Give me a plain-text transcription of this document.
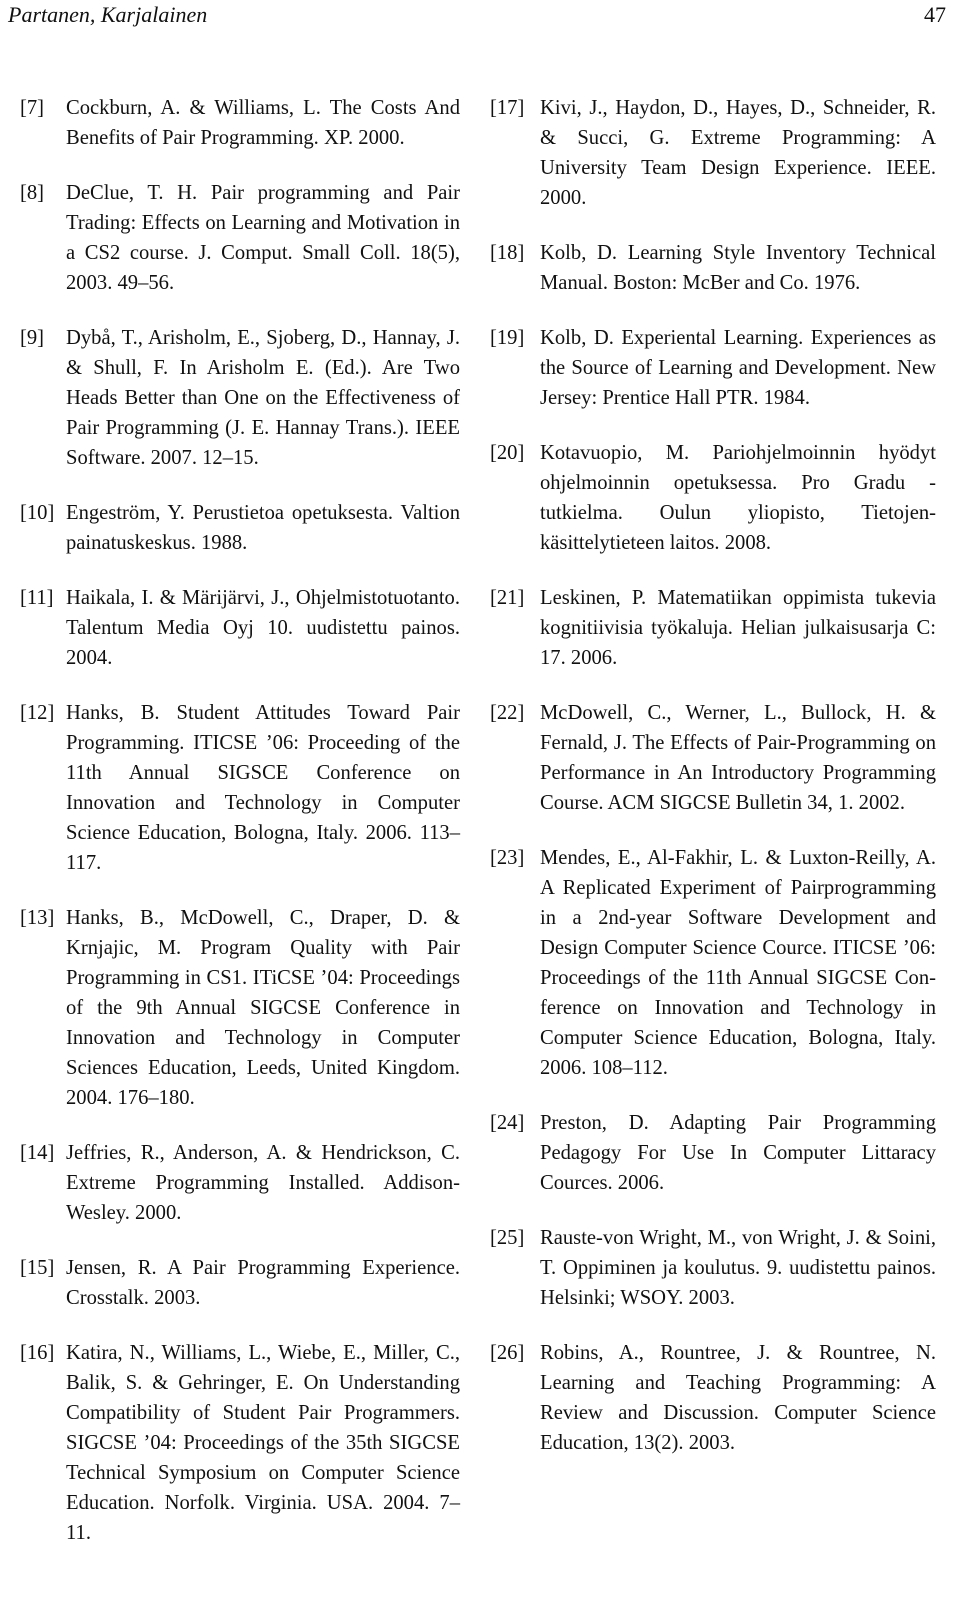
Partanen, Karjalainen	47
[7]	Cockburn, A. & Williams, L. The Costs And Benefits of Pair Programming. XP. 2000.
[8]	DeClue, T. H. Pair programming and Pair Trading: Effects on Learning and Motivation in a CS2 course. J. Comput. Small Coll. 18(5), 2003. 49–56.
[9]	Dybå, T., Arisholm, E., Sjoberg, D., Hannay, J. & Shull, F. In Arisholm E. (Ed.). Are Two Heads Better than One on the Effectiveness of Pair Programming (J. E. Hannay Trans.). IEEE Software. 2007. 12–15.
[10] Engeström, Y. Perustietoa opetuksesta. Valtion painatuskeskus. 1988.
[11] Haikala, I. & Märijärvi, J., Ohjelmistotuotanto. Talentum Media Oyj 10. uudistettu painos. 2004.
[12] Hanks, B. Student Attitudes Toward Pair Programming. ITICSE ’06: Proceeding of the 11th Annual SIGSCE Conference on Innovation and Technology in Computer Science Education, Bologna, Italy. 2006. 113–117.
[13] Hanks, B., McDowell, C., Draper, D. & Krnjajic, M. Program Quality with Pair Programming in CS1. ITiCSE ’04: Proceedings of the 9th Annual SIGCSE Conference in Innovation and Technology in Computer Sciences Education, Leeds, United Kingdom. 2004. 176–180.
[14] Jeffries, R., Anderson, A. & Hendrickson, C. Extreme Programming Installed. Addison-Wesley. 2000.
[15] Jensen, R. A Pair Programming Experience. Crosstalk. 2003.
[16] Katira, N., Williams, L., Wiebe, E., Miller, C., Balik, S. & Gehringer, E. On Understanding Compatibility of Student Pair Programmers. SIGCSE ’04: Proceedings of the 35th SIGCSE Technical Symposium on Computer Science Education. Norfolk. Virginia. USA. 2004. 7–11.
[17] Kivi, J., Haydon, D., Hayes, D., Schneider, R. & Succi, G. Extreme Programming: A University Team Design Experience. IEEE. 2000.
[18] Kolb, D. Learning Style Inventory Technical Manual. Boston: McBer and Co. 1976.
[19] Kolb, D. Experiental Learning. Experiences as the Source of Learning and Development. New Jersey: Prentice Hall PTR. 1984.
[20] Kotavuopio, M. Pariohjelmoinnin hyödyt ohjelmoinnin opetuksessa. Pro Gradu -tutkielma. Oulun yliopisto, Tietojenkäsittelytieteen laitos. 2008.
[21] Leskinen, P. Matematiikan oppimista tukevia kognitiivisia työkaluja. Helian julkaisusarja C: 17. 2006.
[22] McDowell, C., Werner, L., Bullock, H. & Fernald, J. The Effects of Pair-Programming on Performance in An Introductory Programming Course. ACM SIGCSE Bulletin 34, 1. 2002.
[23] Mendes, E., Al-Fakhir, L. & Luxton-Reilly, A. A Replicated Experiment of Pairprogramming in a 2nd-year Software Development and Design Computer Science Cource. ITICSE ’06: Proceedings of the 11th Annual SIGCSE Conference on Innovation and Technology in Computer Science Education, Bologna, Italy. 2006. 108–112.
[24] Preston, D. Adapting Pair Programming Pedagogy For Use In Computer Littaracy Cources. 2006.
[25] Rauste-von Wright, M., von Wright, J. & Soini, T. Oppiminen ja koulutus. 9. uudistettu painos. Helsinki; WSOY. 2003.
[26] Robins, A., Rountree, J. & Rountree, N. Learning and Teaching Programming: A Review and Discussion. Computer Science Education, 13(2). 2003.
